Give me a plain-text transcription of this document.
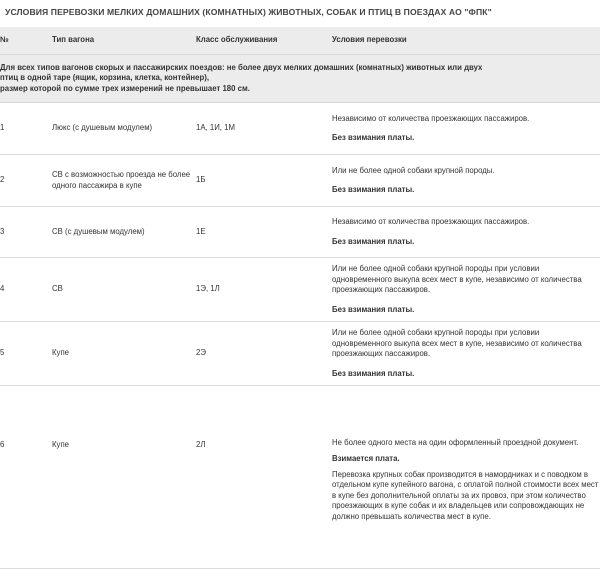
УСЛОВИЯ ПЕРЕВОЗКИ МЕЛКИХ ДОМАШНИХ (КОМНАТНЫХ) ЖИВОТНЫХ, СОБАК И ПТИЦ В ПОЕЗДАХ АО "ФПК"
№	Тип вагона	Класс обслуживания	Условия перевозки
Для всех типов вагонов скорых и пассажирских поездов: не более двух мелких домашних (комнатных) животных или двух
птиц в одной таре (ящик, корзина, клетка, контейнер),
размер которой по сумме трех измерений не превышает 180 см.			
1	Люкс (с душевым модулем)	1А, 1И, 1М	Независимо от количества проезжающих пассажиров.

Без взимания платы.

2	СВ с возможностью проезда не более одного пассажира в купе	1Б	Или не более одной собаки крупной породы.

Без взимания платы.

3	СВ (с душевым модулем)	1Е	Независимо от количества проезжающих пассажиров.

Без взимания платы.

4	СВ	1Э, 1Л	Или не более одной собаки крупной породы при условии одновременного выкупа всех мест в купе, независимо от количества проезжающих пассажиров.

Без взимания платы.

5	Купе	2Э	Или не более одной собаки крупной породы при условии одновременного выкупа всех мест в купе, независимо от количества проезжающих пассажиров.

Без взимания платы.

6	Купе	2Л	Не более одного места на один оформленный проездной документ.

Взимается плата.

Перевозка крупных собак производится в намордниках и с поводком в отдельном купе купейного вагона, с оплатой полной стоимости всех мест в купе без дополнительной оплаты за их провоз, при этом количество проезжающих в купе собак и их владельцев или сопровождающих не должно превышать количества мест в купе.
